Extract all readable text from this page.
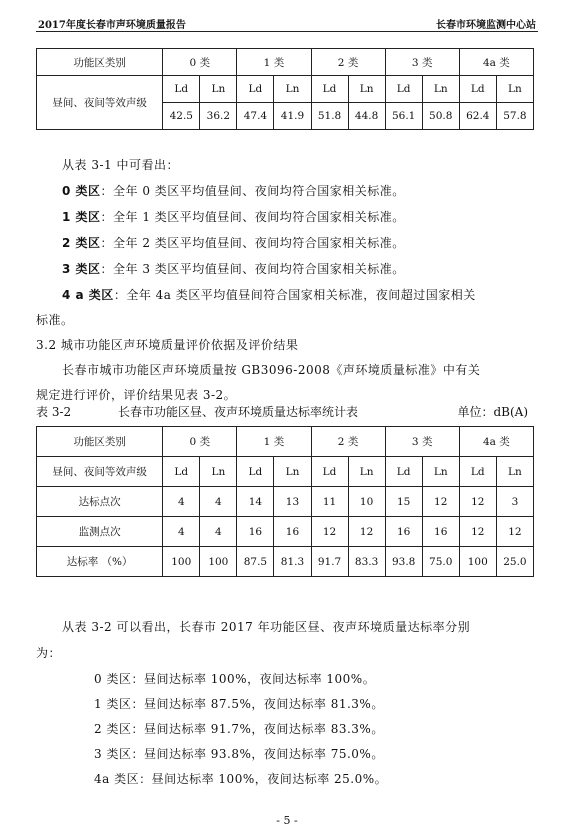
2017年度长春市声环境质量报告	长春市环境监测中心站
功能区类别	0 类		1 类		2 类		3 类		4a 类	
昼间、夜间等效声级	Ld	Ln	Ld	Ln	Ld	Ln	Ld	Ln	Ld	Ln
	42.5	36.2	47.4	41.9	51.8	44.8	56.1	50.8	62.4	57.8
从表 3-1 中可看出：
0 类区：全年 0 类区平均值昼间、夜间均符合国家相关标准。
1 类区：全年 1 类区平均值昼间、夜间均符合国家相关标准。
2 类区：全年 2 类区平均值昼间、夜间均符合国家相关标准。
3 类区：全年 3 类区平均值昼间、夜间均符合国家相关标准。
4 a 类区：全年 4a 类区平均值昼间符合国家相关标准，夜间超过国家相关
标准。
3.2 城市功能区声环境质量评价依据及评价结果
长春市城市功能区声环境质量按 GB3096-2008《声环境质量标准》中有关
规定进行评价，评价结果见表 3-2。
表 3-2	长春市功能区昼、夜声环境质量达标率统计表	单位：dB(A)
功能区类别	0 类		1 类		2 类		3 类		4a 类	
昼间、夜间等效声级	Ld	Ln	Ld	Ln	Ld	Ln	Ld	Ln	Ld	Ln
达标点次	4	4	14	13	11	10	15	12	12	3
监测点次	4	4	16	16	12	12	16	16	12	12
达标率 （%）	100	100	87.5	81.3	91.7	83.3	93.8	75.0	100	25.0
从表 3-2 可以看出，长春市 2017 年功能区昼、夜声环境质量达标率分别
为：
0 类区：昼间达标率 100%，夜间达标率 100%。
1 类区：昼间达标率 87.5%，夜间达标率 81.3%。
2 类区：昼间达标率 91.7%，夜间达标率 83.3%。
3 类区：昼间达标率 93.8%，夜间达标率 75.0%。
4a 类区：昼间达标率 100%，夜间达标率 25.0%。
- 5 -
